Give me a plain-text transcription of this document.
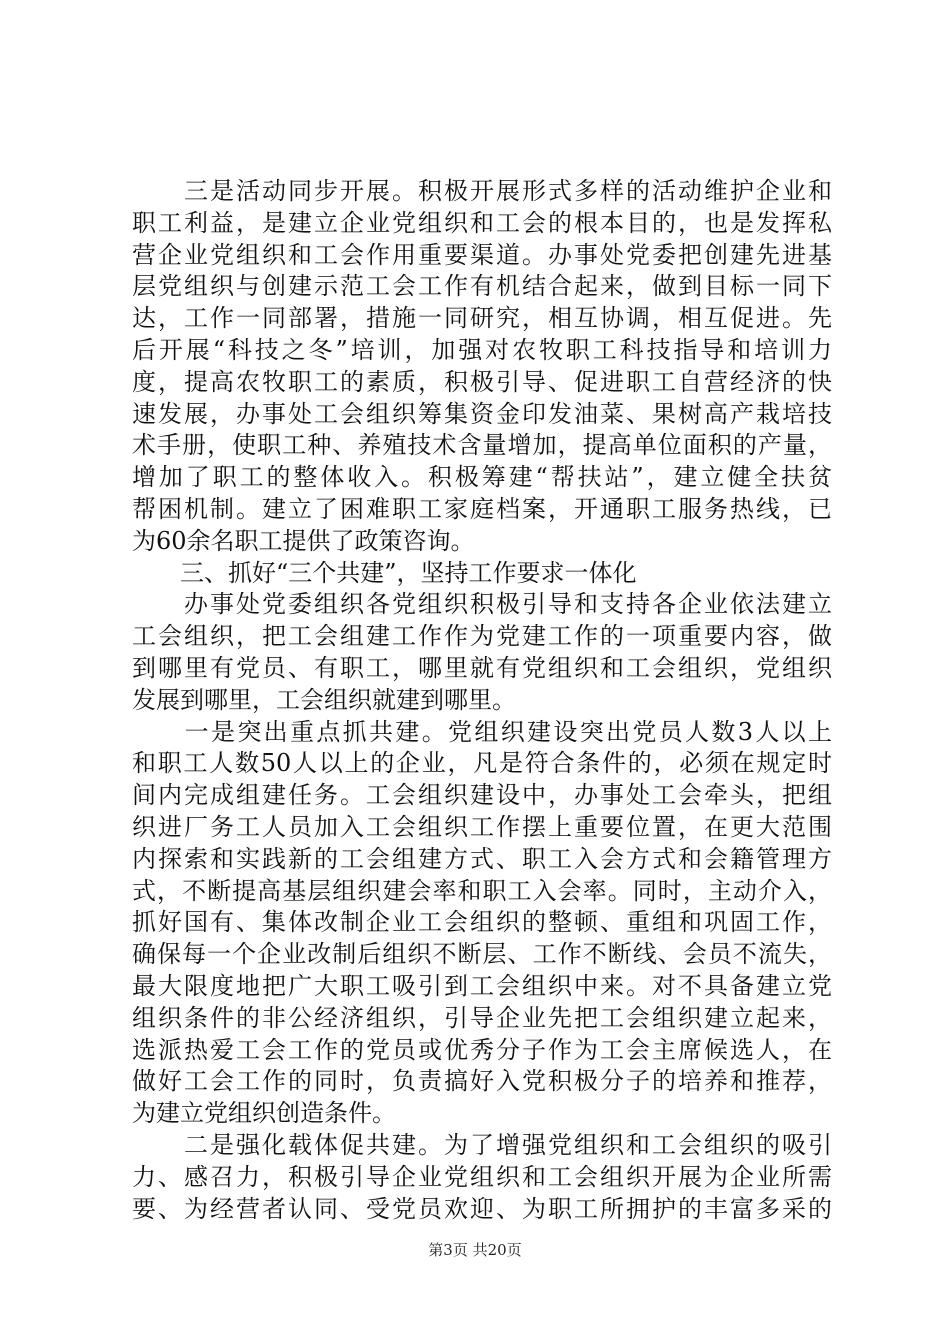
　　三是活动同步开展。积极开展形式多样的活动维护企业和
职工利益，是建立企业党组织和工会的根本目的，也是发挥私
营企业党组织和工会作用重要渠道。办事处党委把创建先进基
层党组织与创建示范工会工作有机结合起来，做到目标一同下
达，工作一同部署，措施一同研究，相互协调，相互促进。先
后开展“科技之冬”培训，加强对农牧职工科技指导和培训力
度，提高农牧职工的素质，积极引导、促进职工自营经济的快
速发展，办事处工会组织筹集资金印发油菜、果树高产栽培技
术手册，使职工种、养殖技术含量增加，提高单位面积的产量，
增加了职工的整体收入。积极筹建“帮扶站”，建立健全扶贫
帮困机制。建立了困难职工家庭档案，开通职工服务热线，已
为60余名职工提供了政策咨询。
　　三、抓好“三个共建”，坚持工作要求一体化
　　办事处党委组织各党组织积极引导和支持各企业依法建立
工会组织，把工会组建工作作为党建工作的一项重要内容，做
到哪里有党员、有职工，哪里就有党组织和工会组织，党组织
发展到哪里，工会组织就建到哪里。
　　一是突出重点抓共建。党组织建设突出党员人数3人以上
和职工人数50人以上的企业，凡是符合条件的，必须在规定时
间内完成组建任务。工会组织建设中，办事处工会牵头，把组
织进厂务工人员加入工会组织工作摆上重要位置，在更大范围
内探索和实践新的工会组建方式、职工入会方式和会籍管理方
式，不断提高基层组织建会率和职工入会率。同时，主动介入，
抓好国有、集体改制企业工会组织的整顿、重组和巩固工作，
确保每一个企业改制后组织不断层、工作不断线、会员不流失，
最大限度地把广大职工吸引到工会组织中来。对不具备建立党
组织条件的非公经济组织，引导企业先把工会组织建立起来，
选派热爱工会工作的党员或优秀分子作为工会主席候选人，在
做好工会工作的同时，负责搞好入党积极分子的培养和推荐，
为建立党组织创造条件。
　　二是强化载体促共建。为了增强党组织和工会组织的吸引
力、感召力，积极引导企业党组织和工会组织开展为企业所需
要、为经营者认同、受党员欢迎、为职工所拥护的丰富多采的
第3页 共20页
